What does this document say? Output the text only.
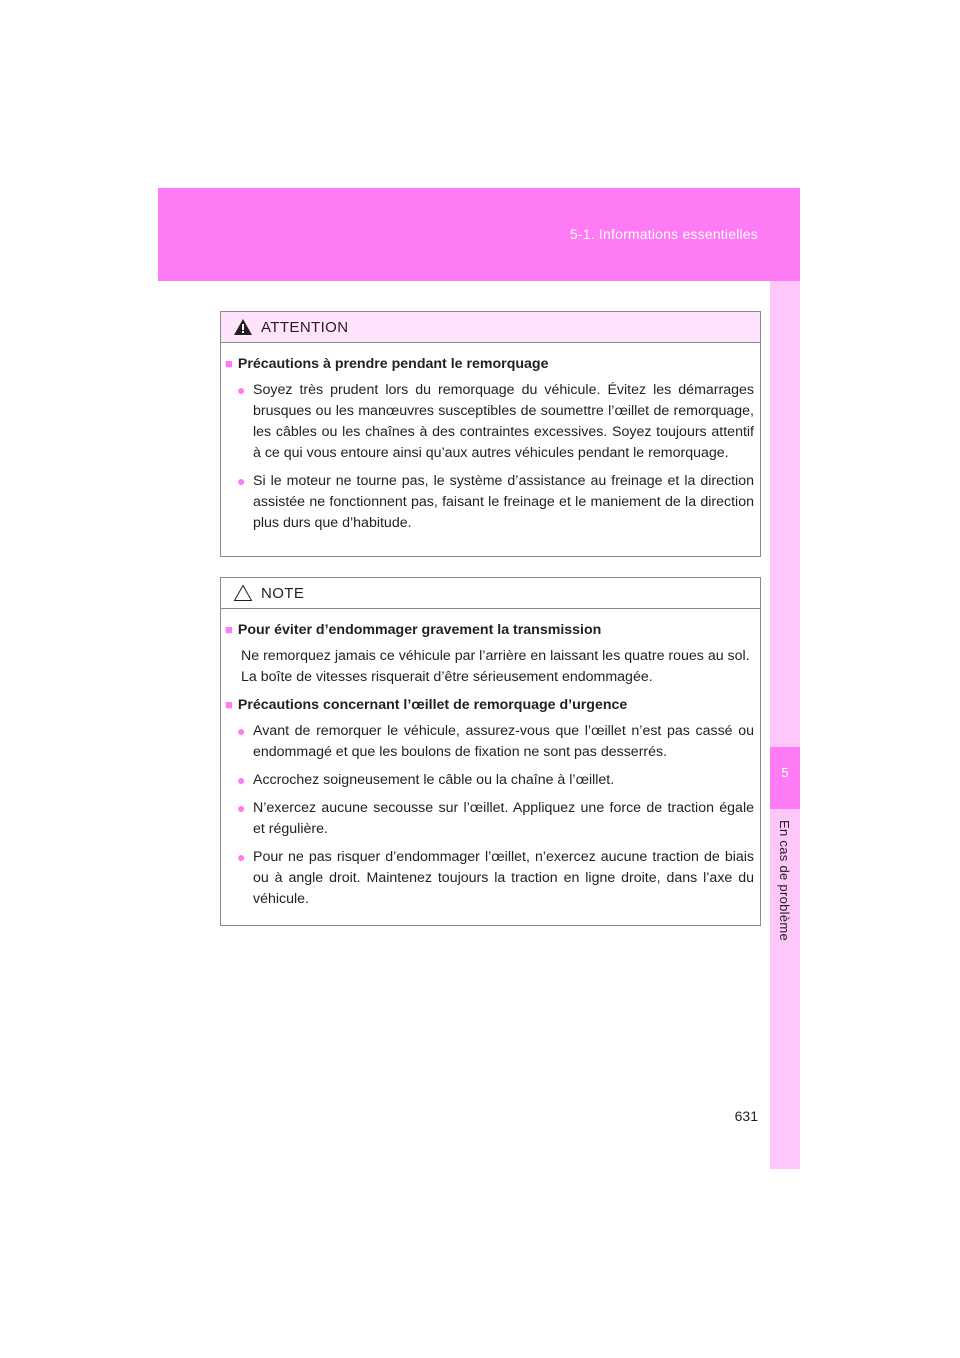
5-1. Informations essentielles
5
En cas de problème
ATTENTION
■ Précautions à prendre pendant le remorquage
● Soyez très prudent lors du remorquage du véhicule. Évitez les démarrages brusques ou les manœuvres susceptibles de soumettre l’œillet de remorquage, les câbles ou les chaînes à des contraintes excessives. Soyez toujours attentif à ce qui vous entoure ainsi qu’aux autres véhicules pendant le remorquage.
● Si le moteur ne tourne pas, le système d’assistance au freinage et la direction assistée ne fonctionnent pas, faisant le freinage et le maniement de la direction plus durs que d’habitude.
NOTE
■ Pour éviter d’endommager gravement la transmission
Ne remorquez jamais ce véhicule par l’arrière en laissant les quatre roues au sol.
La boîte de vitesses risquerait d’être sérieusement endommagée.
■ Précautions concernant l’œillet de remorquage d’urgence
● Avant de remorquer le véhicule, assurez-vous que l’œillet n’est pas cassé ou endommagé et que les boulons de fixation ne sont pas desserrés.
● Accrochez soigneusement le câble ou la chaîne à l’œillet.
● N’exercez aucune secousse sur l’œillet. Appliquez une force de traction égale et régulière.
● Pour ne pas risquer d’endommager l’œillet, n’exercez aucune traction de biais ou à angle droit. Maintenez toujours la traction en ligne droite, dans l’axe du véhicule.
631
